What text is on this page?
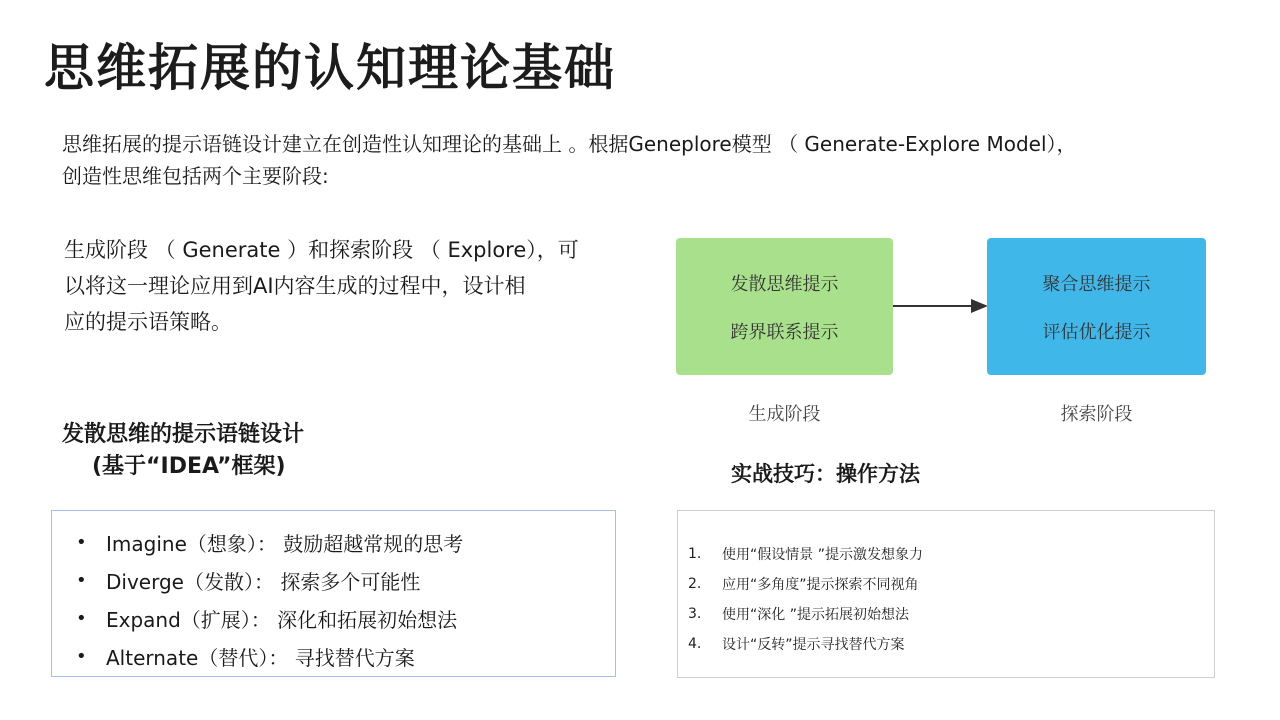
思维拓展的认知理论基础

思维拓展的提示语链设计建立在创造性认知理论的基础上 。根据Geneplore模型 （ Generate-Explore Model），

创造性思维包括两个主要阶段:

生成阶段 （ Generate ）和探索阶段 （ Explore），可

以将这一理论应用到AI内容生成的过程中，设计相

应的提示语策略。

发散思维提示
跨界联系提示
聚合思维提示
评估优化提示
生成阶段	探索阶段
发散思维的提示语链设计
(基于“IDEA”框架)
• Imagine（想象）： 鼓励超越常规的思考
• Diverge（发散）： 探索多个可能性
• Expand（扩展）： 深化和拓展初始想法
• Alternate（替代）： 寻找替代方案
实战技巧：操作方法
1.	使用“假设情景 ”提示激发想象力
2.	应用“多角度”提示探索不同视角
3.	使用“深化 ”提示拓展初始想法
4.	设计“反转”提示寻找替代方案
